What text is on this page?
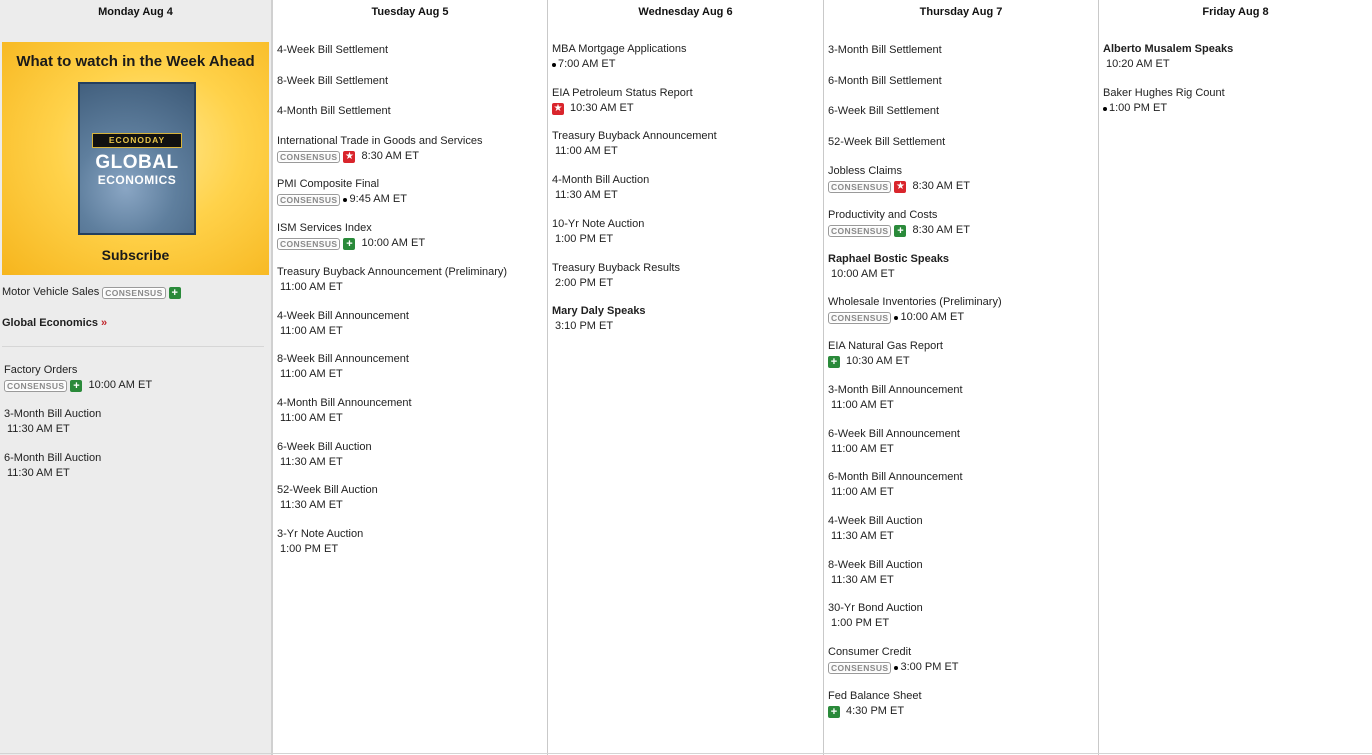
Monday Aug 4
What to watch in the Week Ahead
ECONODAY
GLOBAL
ECONOMICS
Subscribe
Motor Vehicle Sales CONSENSUS +
Global Economics »
Factory Orders
CONSENSUS + 10:00 AM ET
3-Month Bill Auction
11:30 AM ET
6-Month Bill Auction
11:30 AM ET
Tuesday Aug 5
4-Week Bill Settlement
8-Week Bill Settlement
4-Month Bill Settlement
International Trade in Goods and Services
CONSENSUS ★ 8:30 AM ET
PMI Composite Final
CONSENSUS 9:45 AM ET
ISM Services Index
CONSENSUS + 10:00 AM ET
Treasury Buyback Announcement (Preliminary)
11:00 AM ET
4-Week Bill Announcement
11:00 AM ET
8-Week Bill Announcement
11:00 AM ET
4-Month Bill Announcement
11:00 AM ET
6-Week Bill Auction
11:30 AM ET
52-Week Bill Auction
11:30 AM ET
3-Yr Note Auction
1:00 PM ET
Wednesday Aug 6
MBA Mortgage Applications
7:00 AM ET
EIA Petroleum Status Report
★ 10:30 AM ET
Treasury Buyback Announcement
11:00 AM ET
4-Month Bill Auction
11:30 AM ET
10-Yr Note Auction
1:00 PM ET
Treasury Buyback Results
2:00 PM ET
Mary Daly Speaks
3:10 PM ET
Thursday Aug 7
3-Month Bill Settlement
6-Month Bill Settlement
6-Week Bill Settlement
52-Week Bill Settlement
Jobless Claims
CONSENSUS ★ 8:30 AM ET
Productivity and Costs
CONSENSUS + 8:30 AM ET
Raphael Bostic Speaks
10:00 AM ET
Wholesale Inventories (Preliminary)
CONSENSUS 10:00 AM ET
EIA Natural Gas Report
+ 10:30 AM ET
3-Month Bill Announcement
11:00 AM ET
6-Week Bill Announcement
11:00 AM ET
6-Month Bill Announcement
11:00 AM ET
4-Week Bill Auction
11:30 AM ET
8-Week Bill Auction
11:30 AM ET
30-Yr Bond Auction
1:00 PM ET
Consumer Credit
CONSENSUS 3:00 PM ET
Fed Balance Sheet
+ 4:30 PM ET
Friday Aug 8
Alberto Musalem Speaks
10:20 AM ET
Baker Hughes Rig Count
1:00 PM ET
